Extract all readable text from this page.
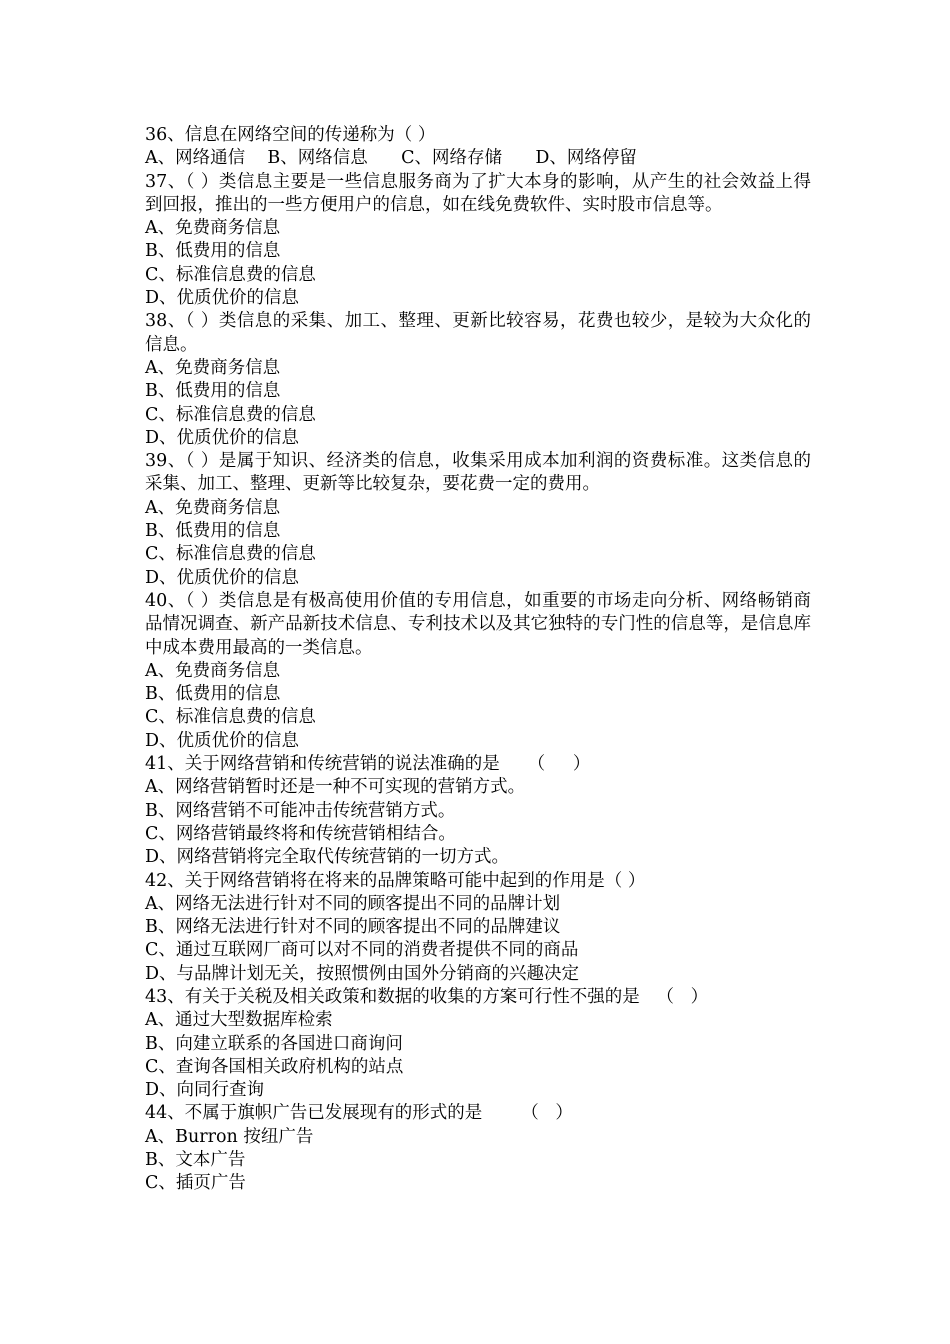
36、信息在网络空间的传递称为（ ）
A、网络通信    B、网络信息      C、网络存储      D、网络停留
37、（ ）类信息主要是一些信息服务商为了扩大本身的影响，从产生的社会效益上得到回报，推出的一些方便用户的信息，如在线免费软件、实时股市信息等。
A、免费商务信息
B、低费用的信息
C、标准信息费的信息
D、优质优价的信息
38、（ ）类信息的采集、加工、整理、更新比较容易，花费也较少，是较为大众化的信息。
A、免费商务信息
B、低费用的信息
C、标准信息费的信息
D、优质优价的信息
39、（ ）是属于知识、经济类的信息，收集采用成本加利润的资费标准。这类信息的采集、加工、整理、更新等比较复杂，要花费一定的费用。
A、免费商务信息
B、低费用的信息
C、标准信息费的信息
D、优质优价的信息
40、（ ）类信息是有极高使用价值的专用信息，如重要的市场走向分析、网络畅销商品情况调查、新产品新技术信息、专利技术以及其它独特的专门性的信息等，是信息库中成本费用最高的一类信息。
A、免费商务信息
B、低费用的信息
C、标准信息费的信息
D、优质优价的信息
41、关于网络营销和传统营销的说法准确的是     （     ）
A、网络营销暂时还是一种不可实现的营销方式。
B、网络营销不可能冲击传统营销方式。
C、网络营销最终将和传统营销相结合。
D、网络营销将完全取代传统营销的一切方式。
42、关于网络营销将在将来的品牌策略可能中起到的作用是（ ）
A、网络无法进行针对不同的顾客提出不同的品牌计划
B、网络无法进行针对不同的顾客提出不同的品牌建议
C、通过互联网厂商可以对不同的消费者提供不同的商品
D、与品牌计划无关，按照惯例由国外分销商的兴趣决定
43、有关于关税及相关政策和数据的收集的方案可行性不强的是   （   ）
A、通过大型数据库检索
B、向建立联系的各国进口商询问
C、查询各国相关政府机构的站点
D、向同行查询
44、不属于旗帜广告已发展现有的形式的是       （   ）
A、Burron 按纽广告
B、文本广告
C、插页广告
